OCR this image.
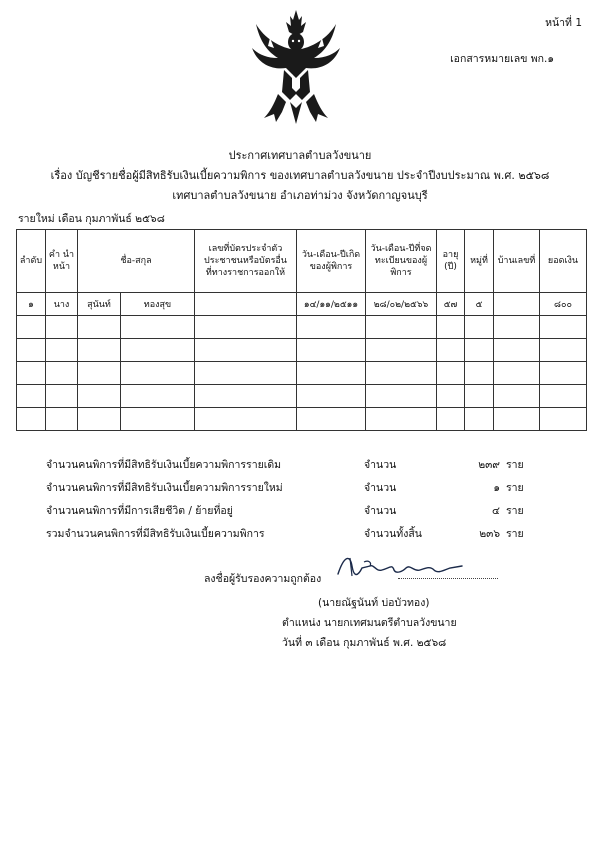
หน้าที่ 1
เอกสารหมายเลข พก.๑
ประกาศเทศบาลตำบลวังขนาย
เรื่อง บัญชีรายชื่อผู้มีสิทธิรับเงินเบี้ยความพิการ ของเทศบาลตำบลวังขนาย ประจำปีงบประมาณ พ.ศ. ๒๕๖๘
เทศบาลตำบลวังขนาย อำเภอท่าม่วง จังหวัดกาญจนบุรี
รายใหม่ เดือน กุมภาพันธ์ ๒๕๖๘
ลำดับ	คำ นำหน้า	ชื่อ-สกุล		เลขที่บัตรประจำตัวประชาชนหรือบัตรอื่นที่ทางราชการออกให้	วัน-เดือน-ปีเกิด ของผู้พิการ	วัน-เดือน-ปีที่จดทะเบียนของผู้พิการ	อายุ (ปี)	หมู่ที่	บ้านเลขที่	ยอดเงิน
๑	นาง	สุนันท์	ทองสุข		๑๔/๑๑/๒๕๑๑	๒๘/๐๒/๒๕๖๖	๕๗	๕		๘๐๐

จำนวนคนพิการที่มีสิทธิรับเงินเบี้ยความพิการรายเดิม	จำนวน	๒๓๙ ราย
จำนวนคนพิการที่มีสิทธิรับเงินเบี้ยความพิการรายใหม่	จำนวน	๑ ราย
จำนวนคนพิการที่มีการเสียชีวิต / ย้ายที่อยู่	จำนวน	๔ ราย
รวมจำนวนคนพิการที่มีสิทธิรับเงินเบี้ยความพิการ	จำนวนทั้งสิ้น	๒๓๖ ราย
ลงชื่อผู้รับรองความถูกต้อง
(นายณัฐนันท์ บ่อบัวทอง)
ตำแหน่ง นายกเทศมนตรีตำบลวังขนาย
วันที่ ๓ เดือน กุมภาพันธ์ พ.ศ. ๒๕๖๘
